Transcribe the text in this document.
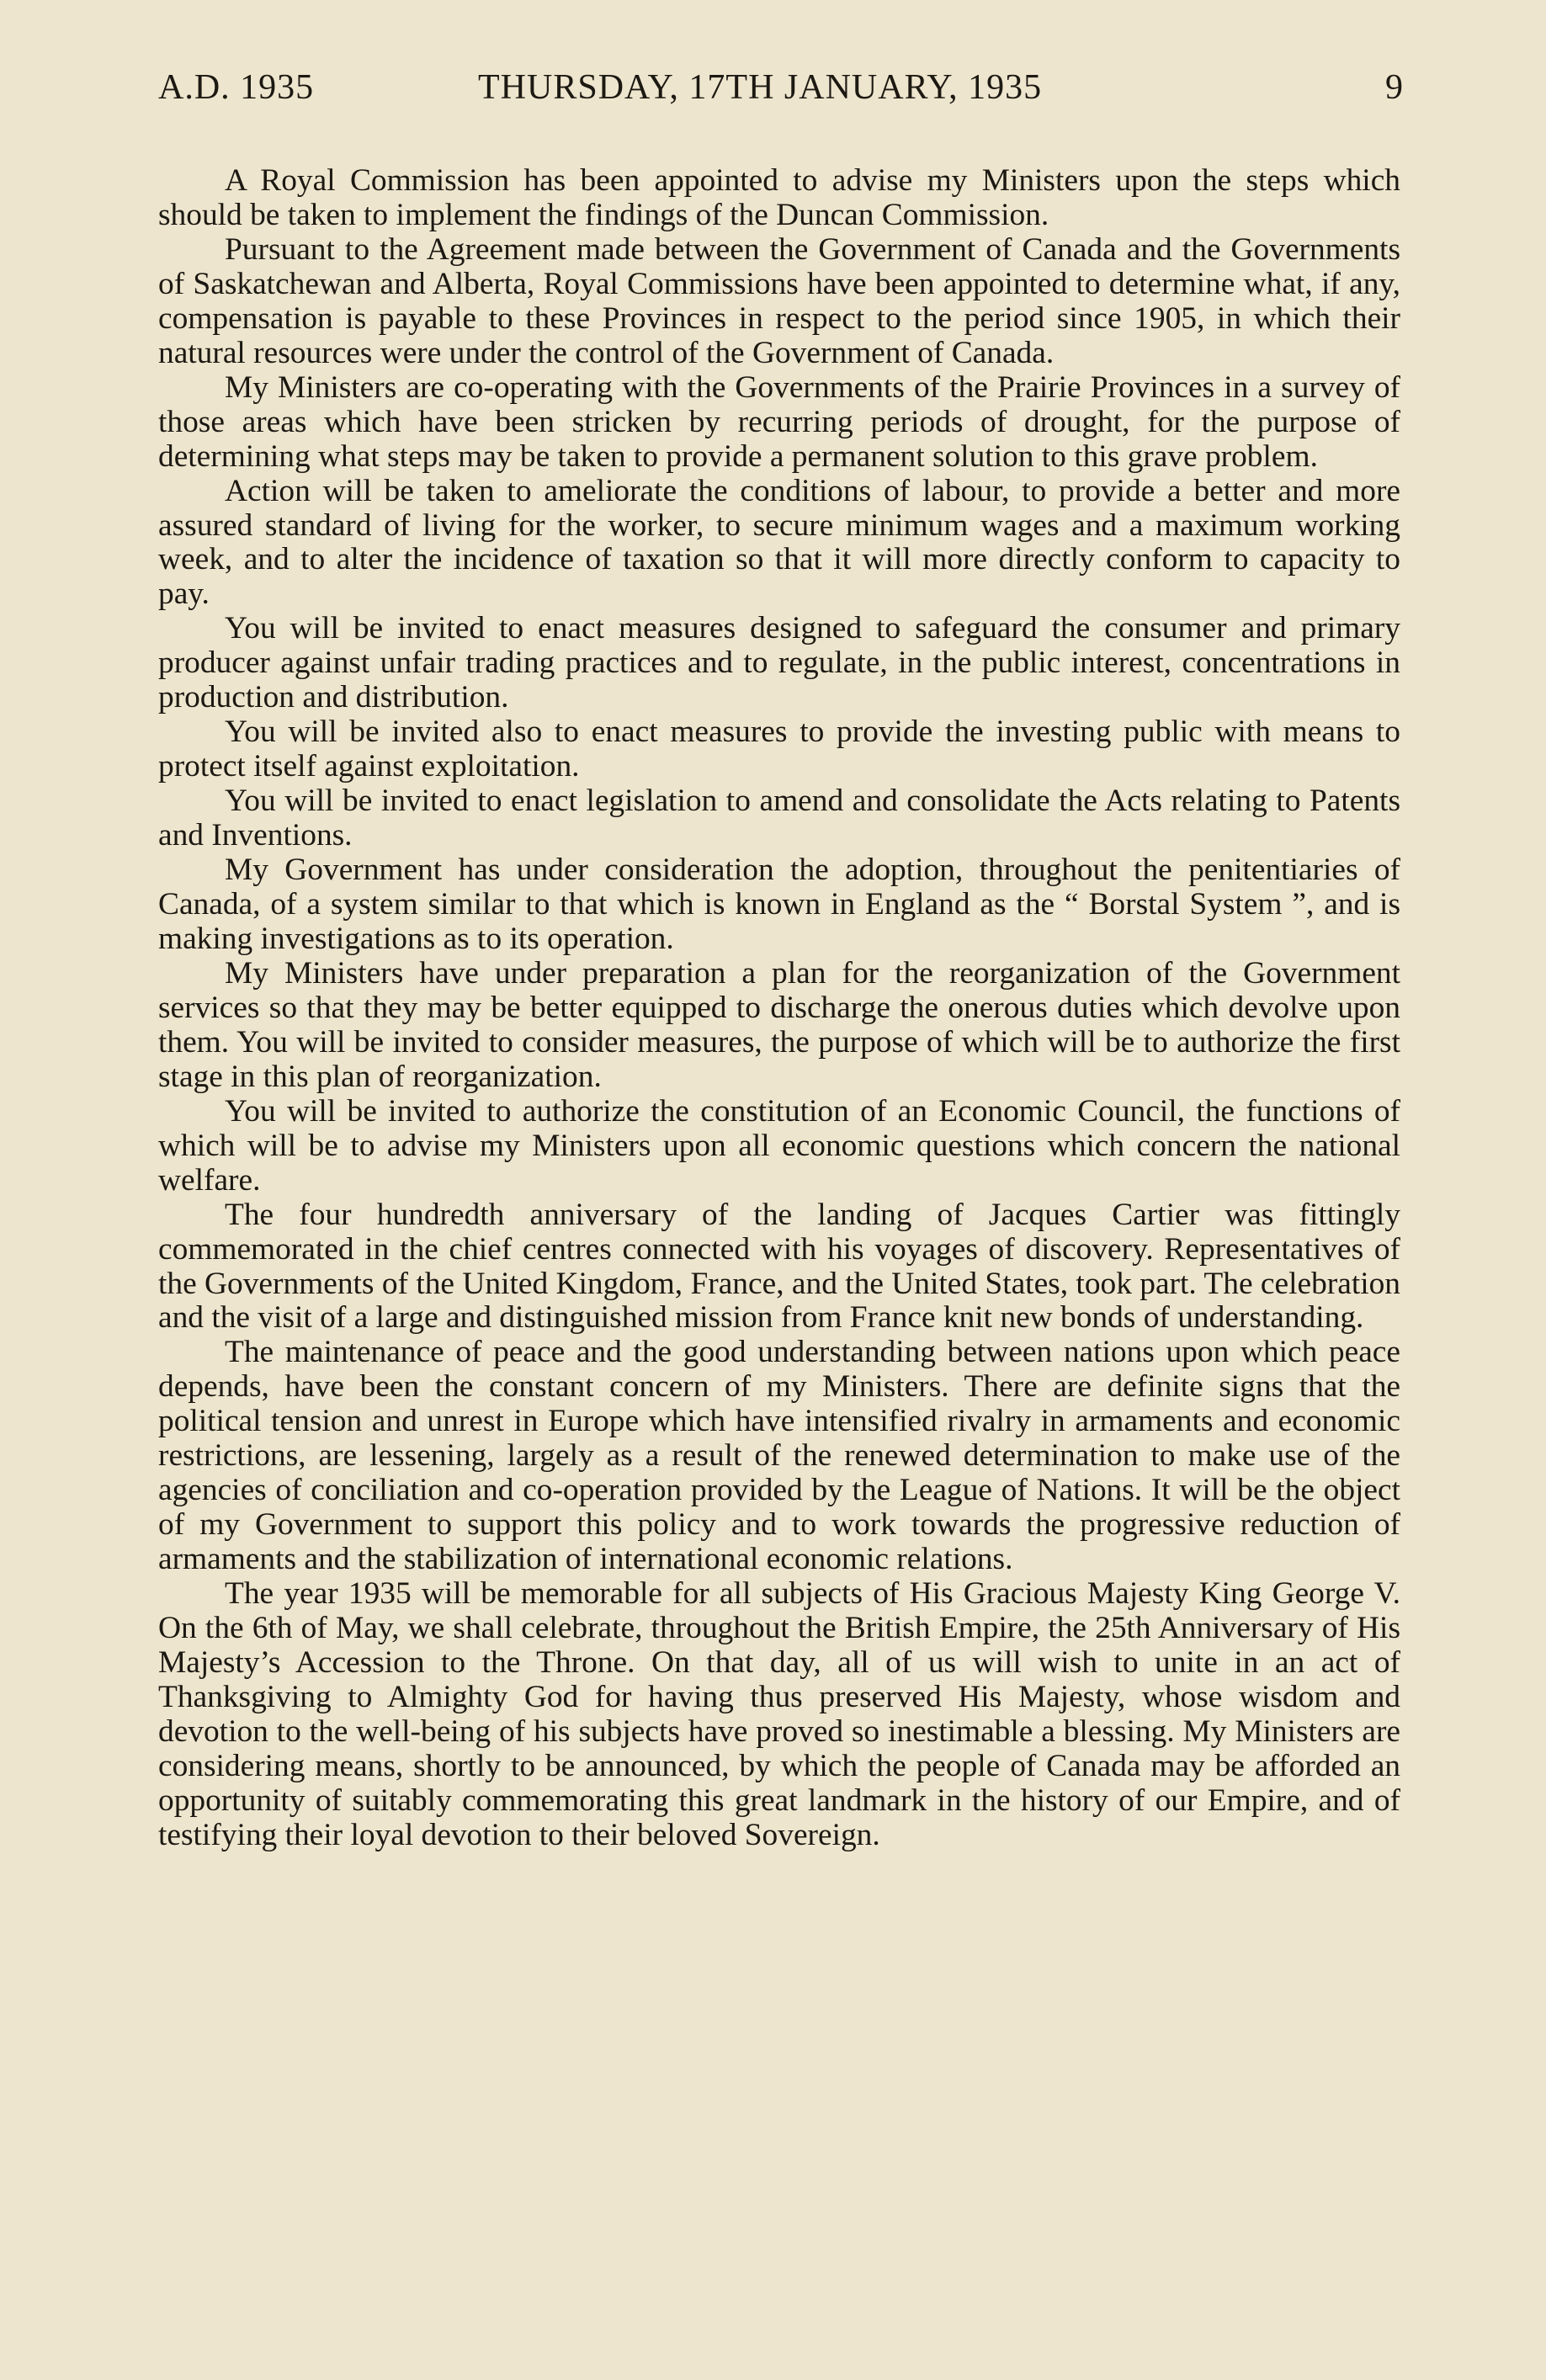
A.D. 1935	THURSDAY, 17TH JANUARY, 1935	9

A Royal Commission has been appointed to advise my Ministers upon the steps which should be taken to implement the findings of the Duncan Commission.

Pursuant to the Agreement made between the Government of Canada and the Governments of Saskatchewan and Alberta, Royal Commissions have been appointed to determine what, if any, compensation is payable to these Provinces in respect to the period since 1905, in which their natural resources were under the control of the Government of Canada.

My Ministers are co-operating with the Governments of the Prairie Provinces in a survey of those areas which have been stricken by recurring periods of drought, for the purpose of determining what steps may be taken to provide a permanent solution to this grave problem.

Action will be taken to ameliorate the conditions of labour, to provide a better and more assured standard of living for the worker, to secure minimum wages and a maximum working week, and to alter the incidence of taxation so that it will more directly conform to capacity to pay.

You will be invited to enact measures designed to safeguard the consumer and primary producer against unfair trading practices and to regulate, in the public interest, concentrations in production and distribution.

You will be invited also to enact measures to provide the investing public with means to protect itself against exploitation.

You will be invited to enact legislation to amend and consolidate the Acts relating to Patents and Inventions.

My Government has under consideration the adoption, throughout the penitentiaries of Canada, of a system similar to that which is known in England as the “ Borstal System ”, and is making investigations as to its operation.

My Ministers have under preparation a plan for the reorganization of the Government services so that they may be better equipped to discharge the onerous duties which devolve upon them. You will be invited to consider measures, the purpose of which will be to authorize the first stage in this plan of reorganization.

You will be invited to authorize the constitution of an Economic Council, the functions of which will be to advise my Ministers upon all economic questions which concern the national welfare.

The four hundredth anniversary of the landing of Jacques Cartier was fittingly commemorated in the chief centres connected with his voyages of discovery. Representatives of the Governments of the United Kingdom, France, and the United States, took part. The celebration and the visit of a large and distinguished mission from France knit new bonds of understanding.

The maintenance of peace and the good understanding between nations upon which peace depends, have been the constant concern of my Ministers. There are definite signs that the political tension and unrest in Europe which have intensified rivalry in armaments and economic restrictions, are lessening, largely as a result of the renewed determination to make use of the agencies of conciliation and co-operation provided by the League of Nations. It will be the object of my Government to support this policy and to work towards the progressive reduction of armaments and the stabilization of international economic relations.

The year 1935 will be memorable for all subjects of His Gracious Majesty King George V. On the 6th of May, we shall celebrate, throughout the British Empire, the 25th Anniversary of His Majesty’s Accession to the Throne. On that day, all of us will wish to unite in an act of Thanksgiving to Almighty God for having thus preserved His Majesty, whose wisdom and devotion to the well-being of his subjects have proved so inestimable a blessing. My Ministers are considering means, shortly to be announced, by which the people of Canada may be afforded an opportunity of suitably commemorating this great landmark in the history of our Empire, and of testifying their loyal devotion to their beloved Sovereign.
